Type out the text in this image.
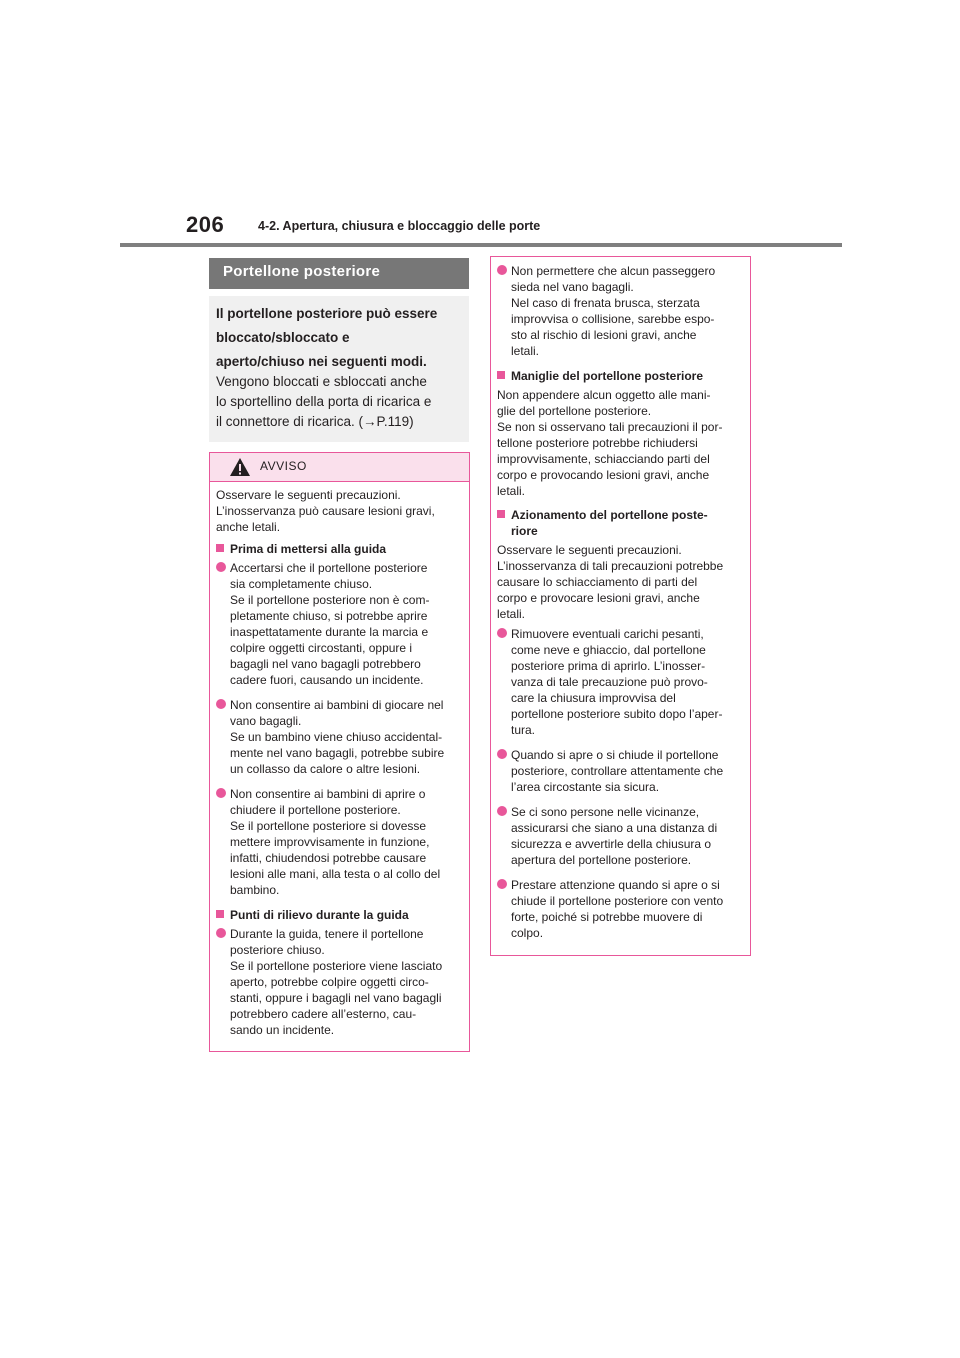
206	4-2. Apertura, chiusura e bloccaggio delle porte
Portellone posteriore
Il portellone posteriore può essere
bloccato/sbloccato e
aperto/chiuso nei seguenti modi.
Vengono bloccati e sbloccati anche
lo sportellino della porta di ricarica e
il connettore di ricarica. (→P.119)
AVVISO

Osservare le seguenti precauzioni.
L’inosservanza può causare lesioni gravi,
anche letali.

Prima di mettersi alla guida
Accertarsi che il portellone posteriore
sia completamente chiuso.
Se il portellone posteriore non è com-
pletamente chiuso, si potrebbe aprire
inaspettatamente durante la marcia e
colpire oggetti circostanti, oppure i
bagagli nel vano bagagli potrebbero
cadere fuori, causando un incidente.
Non consentire ai bambini di giocare nel
vano bagagli.
Se un bambino viene chiuso accidental-
mente nel vano bagagli, potrebbe subire
un collasso da calore o altre lesioni.
Non consentire ai bambini di aprire o
chiudere il portellone posteriore.
Se il portellone posteriore si dovesse
mettere improvvisamente in funzione,
infatti, chiudendosi potrebbe causare
lesioni alle mani, alla testa o al collo del
bambino.
Punti di rilievo durante la guida
Durante la guida, tenere il portellone
posteriore chiuso.
Se il portellone posteriore viene lasciato
aperto, potrebbe colpire oggetti circo-
stanti, oppure i bagagli nel vano bagagli
potrebbero cadere all’esterno, cau-
sando un incidente.
Non permettere che alcun passeggero
sieda nel vano bagagli.
Nel caso di frenata brusca, sterzata
improvvisa o collisione, sarebbe espo-
sto al rischio di lesioni gravi, anche
letali.
Maniglie del portellone posteriore

Non appendere alcun oggetto alle mani-
glie del portellone posteriore.
Se non si osservano tali precauzioni il por-
tellone posteriore potrebbe richiudersi
improvvisamente, schiacciando parti del
corpo e provocando lesioni gravi, anche
letali.

Azionamento del portellone poste-
riore

Osservare le seguenti precauzioni.
L’inosservanza di tali precauzioni potrebbe
causare lo schiacciamento di parti del
corpo e provocare lesioni gravi, anche
letali.

Rimuovere eventuali carichi pesanti,
come neve e ghiaccio, dal portellone
posteriore prima di aprirlo. L’inosser-
vanza di tale precauzione può provo-
care la chiusura improvvisa del
portellone posteriore subito dopo l’aper-
tura.
Quando si apre o si chiude il portellone
posteriore, controllare attentamente che
l’area circostante sia sicura.
Se ci sono persone nelle vicinanze,
assicurarsi che siano a una distanza di
sicurezza e avvertirle della chiusura o
apertura del portellone posteriore.
Prestare attenzione quando si apre o si
chiude il portellone posteriore con vento
forte, poiché si potrebbe muovere di
colpo.
